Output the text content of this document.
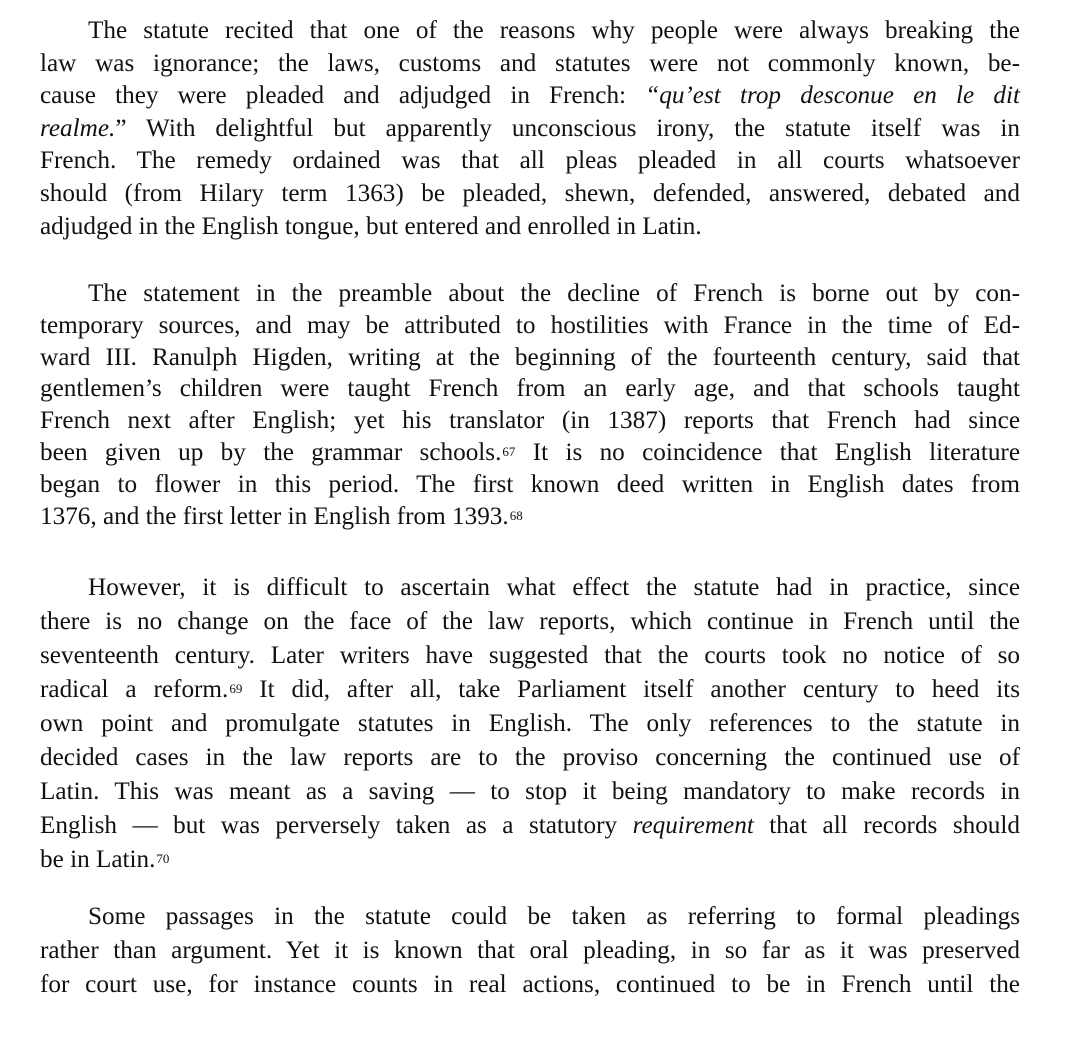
The statute recited that one of the reasons why people were always breaking the
law was ignorance; the laws, customs and statutes were not commonly known, be-
cause they were pleaded and adjudged in French: “qu’est trop desconue en le dit
realme.” With delightful but apparently unconscious irony, the statute itself was in
French. The remedy ordained was that all pleas pleaded in all courts whatsoever
should (from Hilary term 1363) be pleaded, shewn, defended, answered, debated and
adjudged in the English tongue, but entered and enrolled in Latin.
The statement in the preamble about the decline of French is borne out by con-
temporary sources, and may be attributed to hostilities with France in the time of Ed-
ward III. Ranulph Higden, writing at the beginning of the fourteenth century, said that
gentlemen’s children were taught French from an early age, and that schools taught
French next after English; yet his translator (in 1387) reports that French had since
been given up by the grammar schools.$^{67}$ It is no coincidence that English literature
began to flower in this period. The first known deed written in English dates from
1376, and the first letter in English from 1393.68
However, it is difficult to ascertain what effect the statute had in practice, since
there is no change on the face of the law reports, which continue in French until the
seventeenth century. Later writers have suggested that the courts took no notice of so
radical a reform.$^{69}$ It did, after all, take Parliament itself another century to heed its
own point and promulgate statutes in English. The only references to the statute in
decided cases in the law reports are to the proviso concerning the continued use of
Latin. This was meant as a saving — to stop it being mandatory to make records in
English — but was perversely taken as a statutory requirement that all records should
be in Latin.$^{70}$
Some passages in the statute could be taken as referring to formal pleadings
rather than argument. Yet it is known that oral pleading, in so far as it was preserved
for court use, for instance counts in real actions, continued to be in French until the
